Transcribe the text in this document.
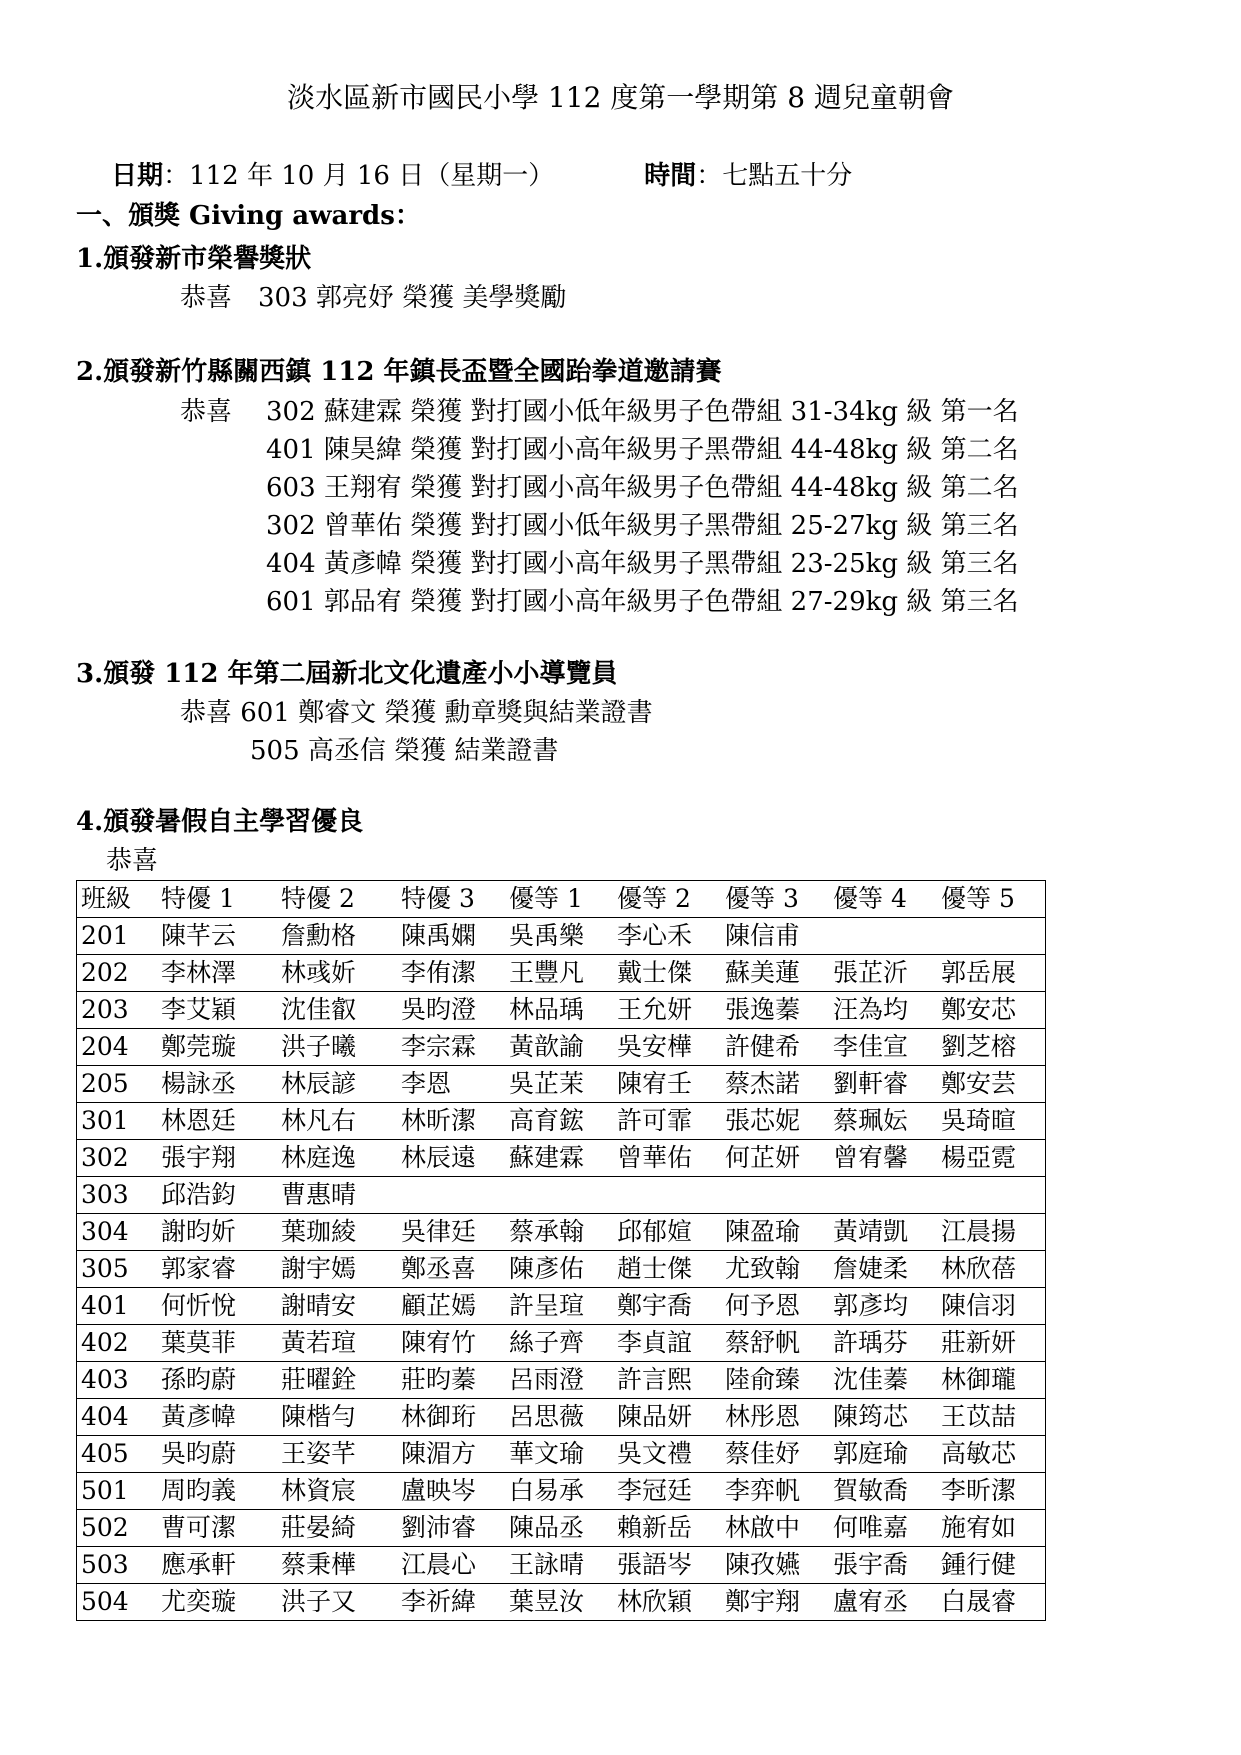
淡水區新市國民小學 112 度第一學期第 8 週兒童朝會

日期：112 年 10 月 16 日（星期一）	時間：七點五十分

一、頒獎 Giving awards：
1.頒發新市榮譽獎狀
恭喜　303 郭亮妤 榮獲 美學獎勵
2.頒發新竹縣關西鎮 112 年鎮長盃暨全國跆拳道邀請賽
恭喜 302 蘇建霖 榮獲 對打國小低年級男子色帶組 31-34kg 級 第一名
401 陳昊緯 榮獲 對打國小高年級男子黑帶組 44-48kg 級 第二名
603 王翔宥 榮獲 對打國小高年級男子色帶組 44-48kg 級 第二名
302 曾華佑 榮獲 對打國小低年級男子黑帶組 25-27kg 級 第三名
404 黃彥幃 榮獲 對打國小高年級男子黑帶組 23-25kg 級 第三名
601 郭品宥 榮獲 對打國小高年級男子色帶組 27-29kg 級 第三名
3.頒發 112 年第二屆新北文化遺產小小導覽員
恭喜 601 鄭睿文 榮獲 勳章獎與結業證書
505 高丞信 榮獲 結業證書
4.頒發暑假自主學習優良
恭喜
班級	特優 1	特優 2	特優 3	優等 1	優等 2	優等 3	優等 4	優等 5
201	陳芊云	詹勳格	陳禹嫻	吳禹樂	李心禾	陳信甫		
202	李林澤	林彧妡	李侑潔	王豐凡	戴士傑	蘇美蓮	張芷沂	郭岳展
203	李艾穎	沈佳叡	吳昀澄	林品瑀	王允妍	張逸蓁	汪為均	鄭安芯
204	鄭莞璇	洪子曦	李宗霖	黃歆諭	吳安樺	許健希	李佳宣	劉芝榕
205	楊詠丞	林辰諺	李恩	吳芷茉	陳宥壬	蔡杰諾	劉軒睿	鄭安芸
301	林恩廷	林凡右	林昕潔	高育鋐	許可霏	張芯妮	蔡珮妘	吳琦暄
302	張宇翔	林庭逸	林辰遠	蘇建霖	曾華佑	何芷妍	曾宥馨	楊亞霓
303	邱浩鈞	曹惠晴						
304	謝昀妡	葉珈綾	吳律廷	蔡承翰	邱郁媗	陳盈瑜	黃靖凱	江晨揚
305	郭家睿	謝宇嫣	鄭丞喜	陳彥佑	趙士傑	尤致翰	詹婕柔	林欣蓓
401	何忻悅	謝晴安	顧芷嫣	許呈瑄	鄭宇喬	何予恩	郭彥均	陳信羽
402	葉莫菲	黃若瑄	陳宥竹	絲子齊	李貞誼	蔡舒帆	許瑀芬	莊新妍
403	孫昀蔚	莊曜銓	莊昀蓁	呂雨澄	許言熙	陸俞臻	沈佳蓁	林御瓏
404	黃彥幃	陳楷勻	林御珩	呂思薇	陳品妍	林彤恩	陳筠芯	王苡喆
405	吳昀蔚	王姿芊	陳湄方	華文瑜	吳文禮	蔡佳妤	郭庭瑜	高敏芯
501	周昀義	林資宸	盧映岑	白易承	李冠廷	李弈帆	賀敏喬	李昕潔
502	曹可潔	莊晏綺	劉沛睿	陳品丞	賴新岳	林啟中	何唯嘉	施宥如
503	應承軒	蔡秉樺	江晨心	王詠晴	張語岑	陳孜嬿	張宇喬	鍾行健
504	尤奕璇	洪子又	李祈緯	葉昱汝	林欣穎	鄭宇翔	盧宥丞	白晟睿
